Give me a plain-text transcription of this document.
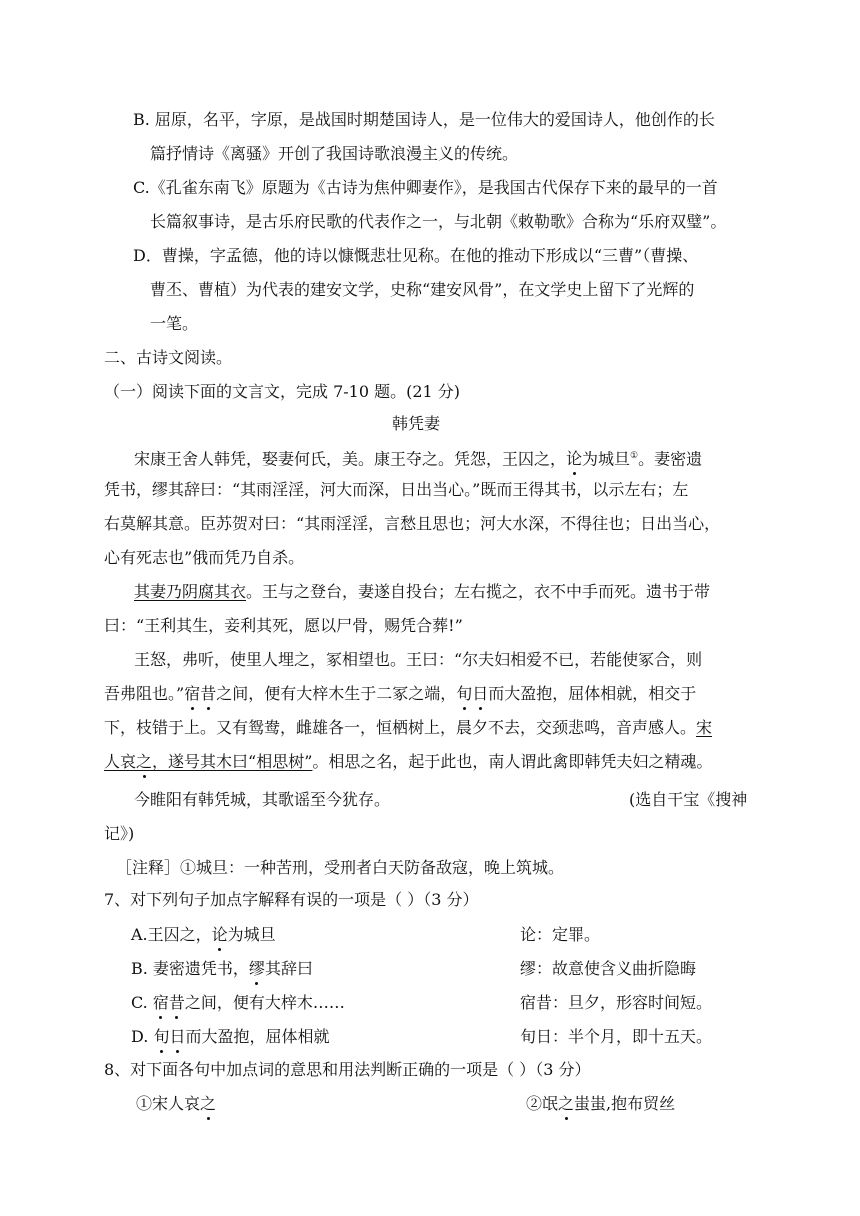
B. 屈原，名平，字原，是战国时期楚国诗人，是一位伟大的爱国诗人，他创作的长
篇抒情诗《离骚》开创了我国诗歌浪漫主义的传统。
C.《孔雀东南飞》原题为《古诗为焦仲卿妻作》，是我国古代保存下来的最早的一首
长篇叙事诗，是古乐府民歌的代表作之一，与北朝《敕勒歌》合称为“乐府双璧”。
D．曹操，字孟德，他的诗以慷慨悲壮见称。在他的推动下形成以“三曹”（曹操、
曹丕、曹植）为代表的建安文学，史称“建安风骨”，在文学史上留下了光辉的
一笔。
二、古诗文阅读。
（一）阅读下面的文言文，完成 7-10 题。(21 分)
韩凭妻
宋康王舍人韩凭，娶妻何氏，美。康王夺之。凭怨，王囚之，论为城旦①。妻密遗
凭书，缪其辞曰：“其雨淫淫，河大而深，日出当心。”既而王得其书，以示左右；左
右莫解其意。臣苏贺对曰：“其雨淫淫，言愁且思也；河大水深，不得往也；日出当心，
心有死志也”俄而凭乃自杀。
其妻乃阴腐其衣。王与之登台，妻遂自投台；左右揽之，衣不中手而死。遗书于带
曰：“王利其生，妾利其死，愿以尸骨，赐凭合葬!”
王怒，弗听，使里人埋之，冢相望也。王曰：“尔夫妇相爱不已，若能使冢合，则
吾弗阻也。”宿昔之间，便有大梓木生于二冢之端，旬日而大盈抱，屈体相就，相交于
下，枝错于上。又有鸳鸯，雌雄各一，恒栖树上，晨夕不去，交颈悲鸣，音声感人。宋
人哀之，遂号其木曰“相思树”。相思之名，起于此也，南人谓此禽即韩凭夫妇之精魂。
今睢阳有韩凭城，其歌谣至今犹存。	(选自干宝《搜神
记》)
［注释］①城旦：一种苦刑，受刑者白天防备敌寇，晚上筑城。
7、对下列句子加点字解释有误的一项是（ ）（3 分）
A.王囚之，论为城旦	论：定罪。
B. 妻密遗凭书，缪其辞曰	缪：故意使含义曲折隐晦
C. 宿昔之间，便有大梓木……	宿昔：旦夕，形容时间短。
D. 旬日而大盈抱，屈体相就	旬日：半个月，即十五天。
8、对下面各句中加点词的意思和用法判断正确的一项是（ ）（3 分）
①宋人哀之	②氓之蚩蚩,抱布贸丝
